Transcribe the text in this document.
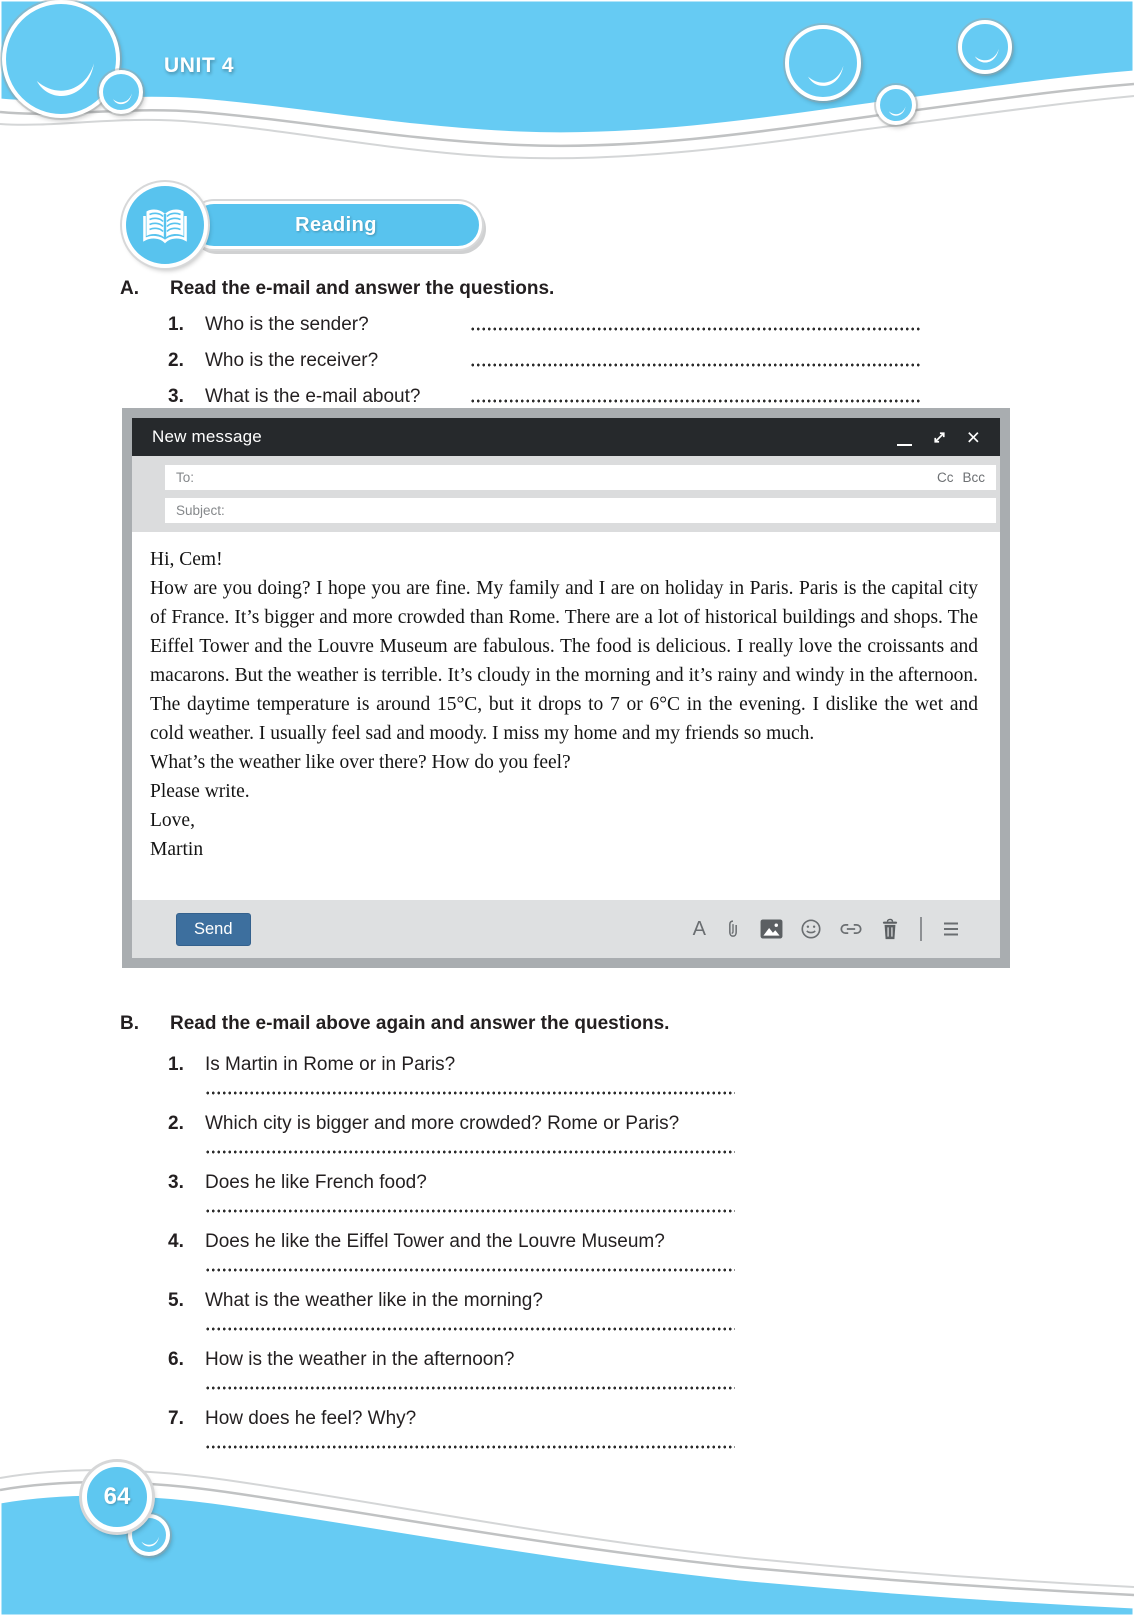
UNIT 4
Reading
A.	Read the e-mail and answer the questions.
1.	Who is the sender?
2.	Who is the receiver?
3.	What is the e-mail about?
New message	×
To:	Cc Bcc
Subject:

Hi, Cem!

How are you doing? I hope you are fine. My family and I are on holiday in Paris. Paris is the capital city of France. It’s bigger and more crowded than Rome. There are a lot of historical buildings and shops. The Eiffel Tower and the Louvre Museum are fabulous. The food is delicious. I really love the croissants and macarons. But the weather is terrible. It’s cloudy in the morning and it’s rainy and windy in the afternoon. The daytime temperature is around 15°C, but it drops to 7 or 6°C in the evening. I dislike the wet and cold weather. I usually feel sad and moody. I miss my home and my friends so much.

What’s the weather like over there? How do you feel?

Please write.

Love,

Martin

Send	A
B.	Read the e-mail above again and answer the questions.
1.	Is Martin in Rome or in Paris?
2.	Which city is bigger and more crowded? Rome or Paris?
3.	Does he like French food?
4.	Does he like the Eiffel Tower and the Louvre Museum?
5.	What is the weather like in the morning?
6.	How is the weather in the afternoon?
7.	How does he feel? Why?
64
